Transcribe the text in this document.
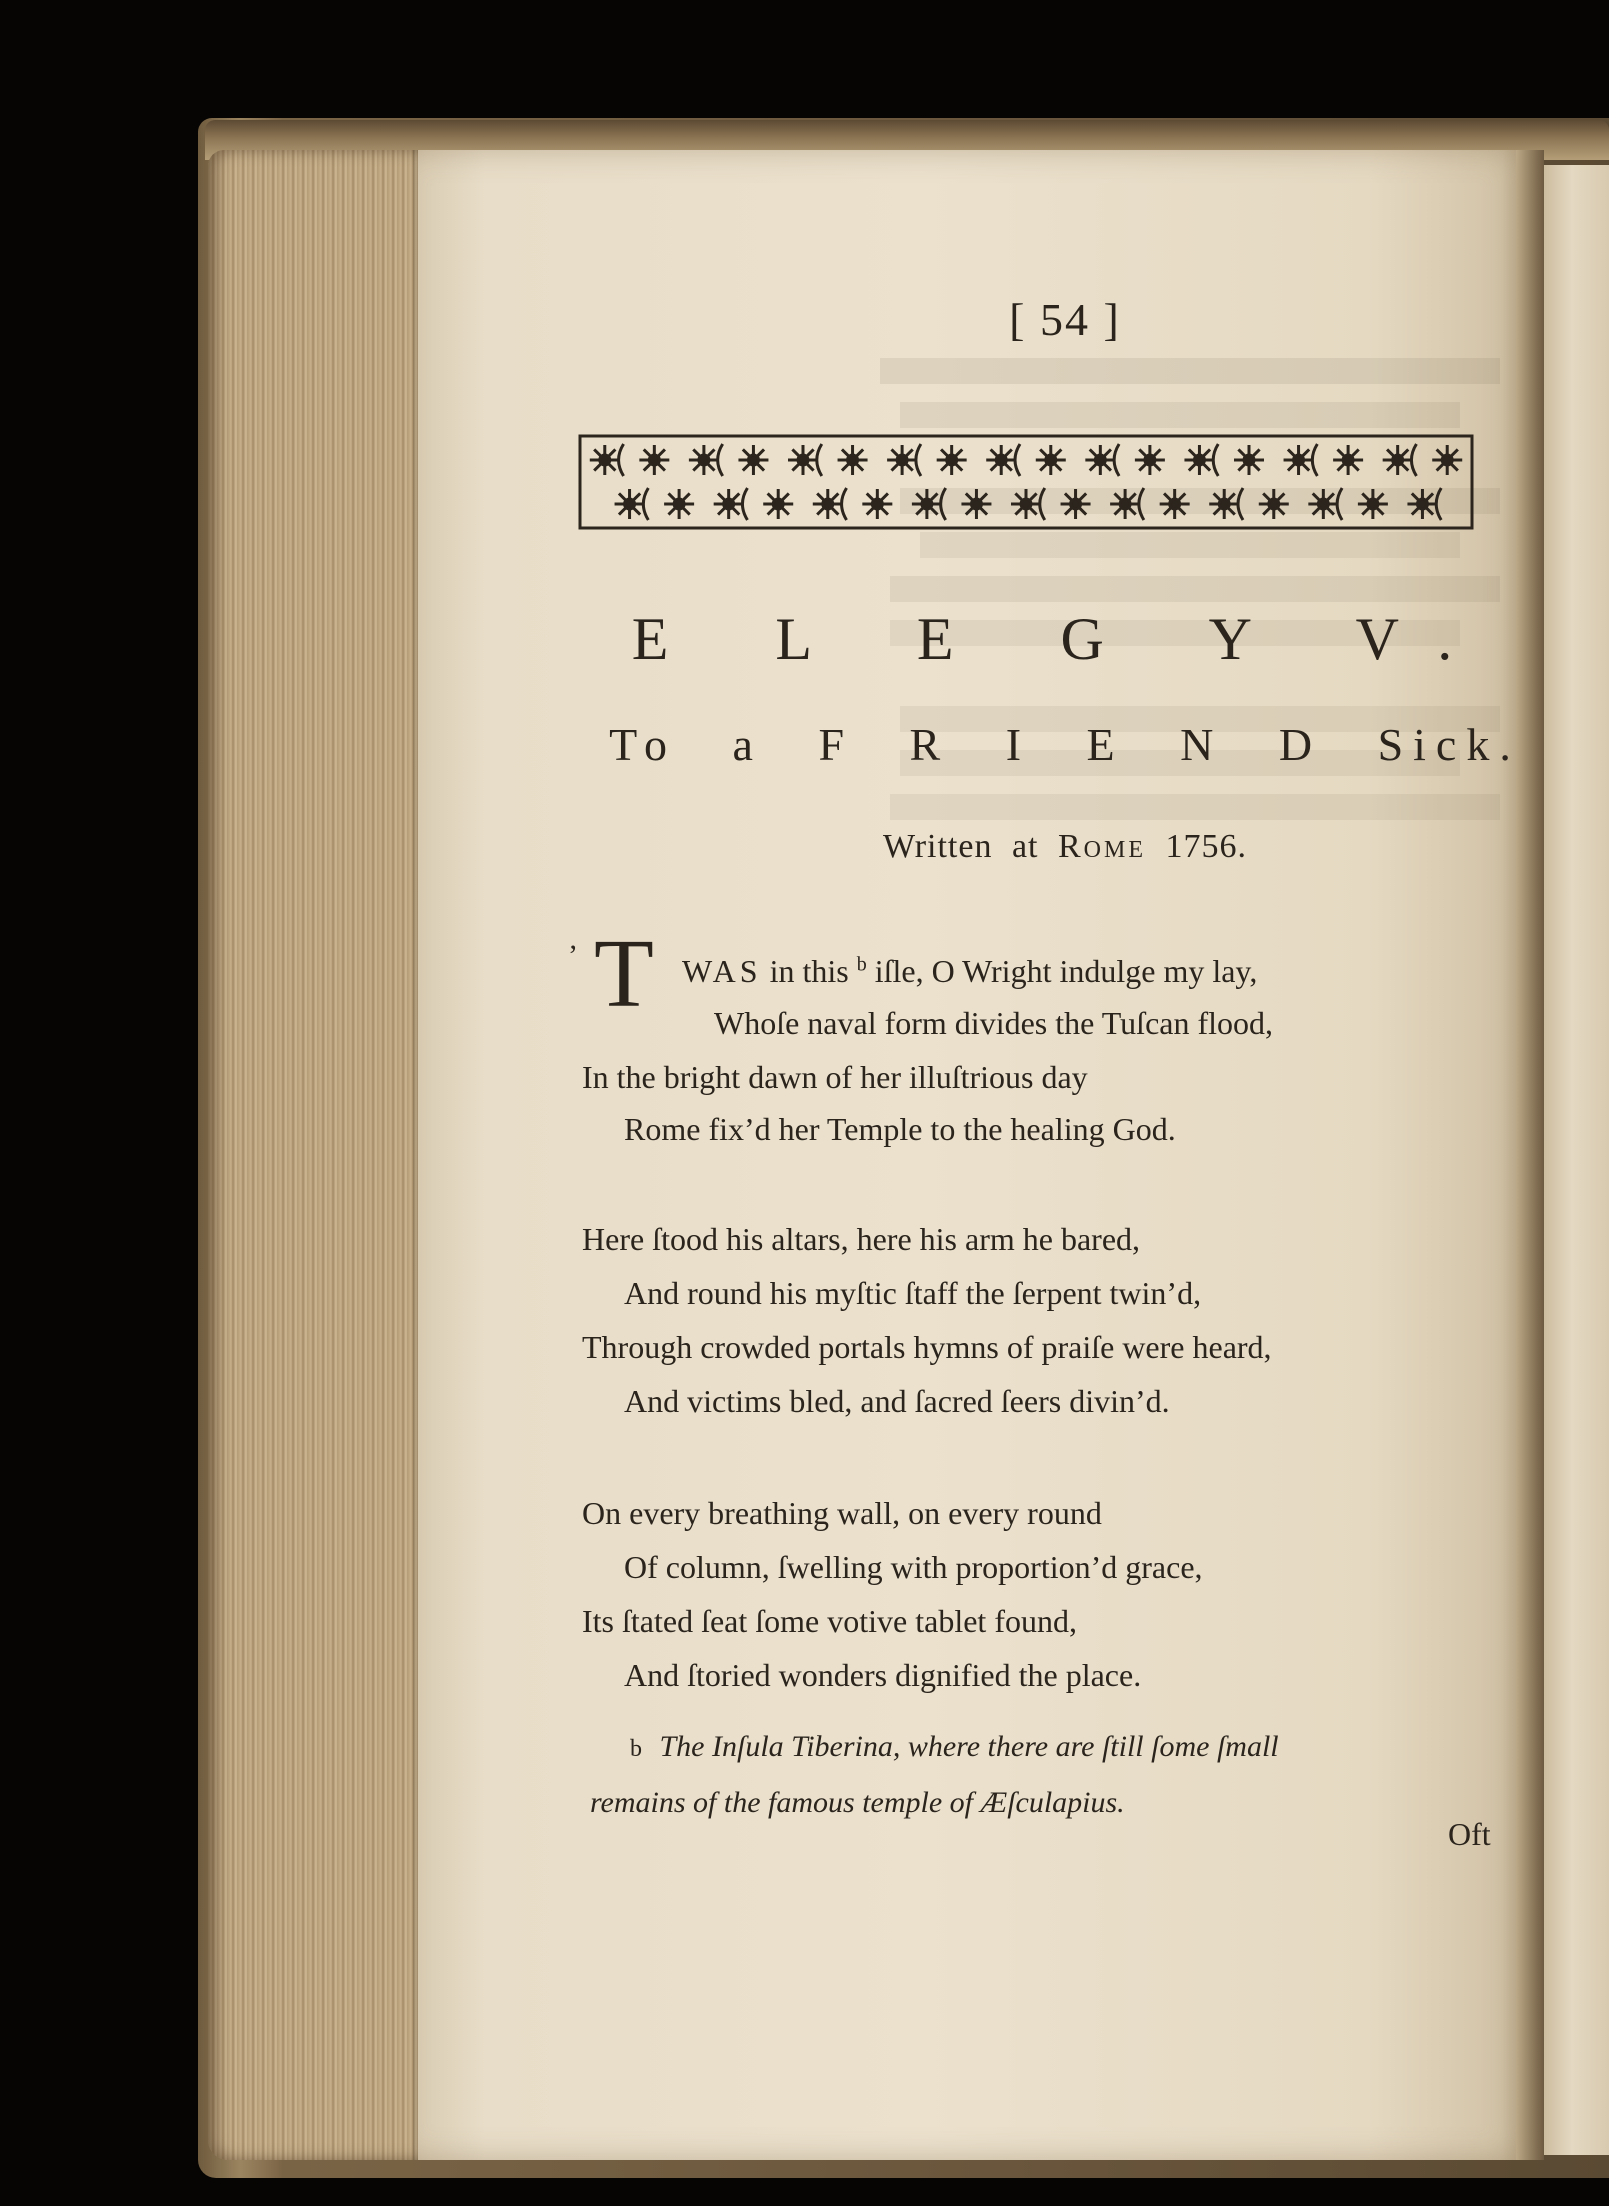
[ 54 ]
E L E G Y V.
To a F R I E N D Sick.
Written at Rome 1756.
’ T WAS in this $^b$ iſle, O Wright indulge my lay,
Whoſe naval form divides the Tuſcan flood,
In the bright dawn of her illuſtrious day
Rome fix’d her Temple to the healing God.
Here ſtood his altars, here his arm he bared,
And round his myſtic ſtaff the ſerpent twin’d,
Through crowded portals hymns of praiſe were heard,
And victims bled, and ſacred ſeers divin’d.
On every breathing wall, on every round
Of column, ſwelling with proportion’d grace,
Its ſtated ſeat ſome votive tablet found,
And ſtoried wonders dignified the place.
b The Inſula Tiberina, where there are ſtill ſome ſmall
remains of the famous temple of Æſculapius.
Oft
